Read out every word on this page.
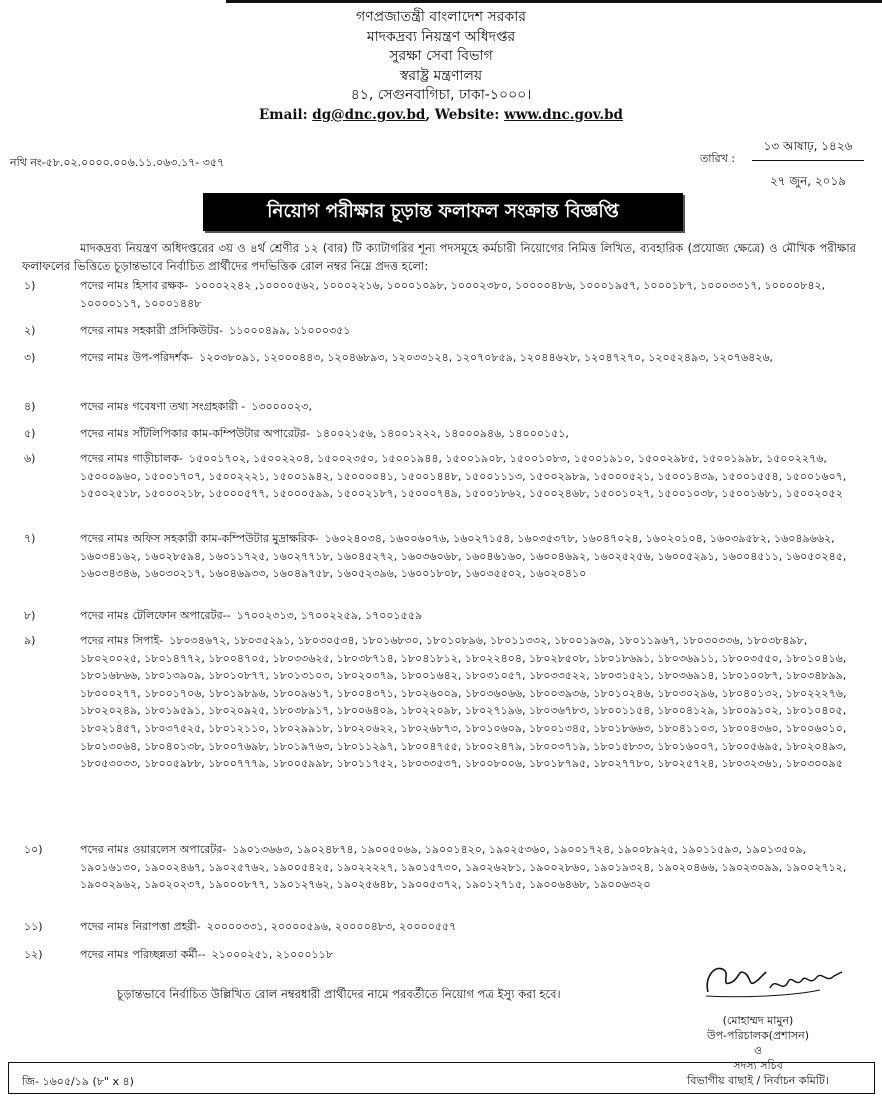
গণপ্রজাতন্ত্রী বাংলাদেশ সরকার
মাদকদ্রব্য নিয়ন্ত্রণ অধিদপ্তর
সুরক্ষা সেবা বিভাগ
স্বরাষ্ট্র মন্ত্রণালয়
৪১, সেগুনবাগিচা, ঢাকা-১০০০।
Email: dg@dnc.gov.bd, Website: www.dnc.gov.bd
নথি নং-৫৮.০২.০০০০.০০৬.১১.০৬৩.১৭- ৩৫৭	তারিখ :
১৩ আষাঢ়, ১৪২৬
২৭ জুন, ২০১৯
নিয়োগ পরীক্ষার চূড়ান্ত ফলাফল সংক্রান্ত বিজ্ঞপ্তি
মাদকদ্রব্য নিয়ন্ত্রণ অধিদপ্তরের ৩য় ও ৪র্থ শ্রেণীর ১২ (বার) টি ক্যাটাগরির শূন্য পদসমূহে কর্মচারী নিয়োগের নিমিত্ত লিখিত, ব্যবহারিক (প্রযোজ্য ক্ষেত্রে) ও মৌখিক পরীক্ষার ফলাফলের ভিত্তিতে চূড়ান্তভাবে নির্বাচিত প্রার্থীদের পদভিত্তিক রোল নম্বর নিম্নে প্রদত্ত হলো:
১)	পদের নামঃ হিসাব রক্ষক- ১০০০২২৪২ ,১০০০০৫৬২, ১০০০২২১৬, ১০০০১০৯৮, ১০০০২৩৮০, ১০০০০৪৮৬, ১০০০১৯৫৭, ১০০০১৮৭, ১০০০৩৩১৭, ১০০০০৮৪২, ১০০০০১১৭, ১০০০১৪৪৮
২)	পদের নামঃ সহকারী প্রসিকিউটর- ১১০০০৪৯৯, ১১০০০৩৫১
৩)	পদের নামঃ উপ-পরিদর্শক- ১২০৩৮০৯১, ১২০০০৪৪৩, ১২০৪৬৮৯৩, ১২০৩৩১২৪, ১২০৭০৮৫৯, ১২০৪৪৬২৮, ১২০৪৭২৭০, ১২০৫২৪৯৩, ১২০৭৬৪২৬,
৪)	পদের নামঃ গবেষণা তথ্য সংগ্রহকারী - ১৩০০০০২৩,
৫)	পদের নামঃ সাঁটলিপিকার কাম-কম্পিউটার অপারেটর- ১৪০০২১৫৬, ১৪০০১২২২, ১৪০০০৯৪৬, ১৪০০০১৫১,
৬)	পদের নামঃ গাড়ীচালক- ১৫০০১৭০২, ১৫০০২২০৪, ১৫০০২৩৫০, ১৫০০১৯৪৪, ১৫০০১৯০৮, ১৫০০১০৮৩, ১৫০০১৯১০, ১৫০০২৯৮৫, ১৫০০১৯৯৮, ১৫০০২২৭৬, ১৫০০০৯৬০, ১৫০০১৭০৭, ১৫০০২২২১, ১৫০০১৯৪২, ১৫০০০০৪১, ১৫০০১৪৪৮, ১৫০০১১১৩, ১৫০০২৯৮৯, ১৫০০০৫২১, ১৫০০১৪৩৯, ১৫০০১৫৫৪, ১৫০০১৬০৭, ১৫০০২৫১৮, ১৫০০০২১৮, ১৫০০০৫৭৭, ১৫০০০৫৯৯, ১৫০০২১৮৭, ১৫০০০৭৪৯, ১৫০০১৮৬২, ১৫০০২৪৬৮, ১৫০০১০২৭, ১৫০০১০৩৮, ১৫০০১৬৮১, ১৫০০২০৫২
৭)	পদের নামঃ অফিস সহকারী কাম-কম্পিউটার মুদ্রাক্ষরিক- ১৬০২৪০৩৪, ১৬০০৬০৭৬, ১৬০২৭১৫৪, ১৬০৩৫৩৭৮, ১৬০৪৭০২৪, ১৬০২০১০৪, ১৬০৩৯৫৮২, ১৬০৪৯৬৬২, ১৬০৩৪১৬২, ১৬০২৮৫৯৪, ১৬০১১৭২৫, ১৬০২৭৭১৮, ১৬০৪৫২৭২, ১৬০৩৬০৬৮, ১৬০৪৬১৬০, ১৬০০৪৬৯২, ১৬০২৫২৫৬, ১৬০০৫২৯১, ১৬০০৪৫১১, ১৬০৫০২৪৫, ১৬০৩৪৩৪৬, ১৬০৩০২১৭, ১৬০৪৬৯৩৩, ১৬০৪৯৭৫৮, ১৬০৫২৩৯৬, ১৬০০১৮০৮, ১৬০৩৫৫০২, ১৬০২০৪১০
৮)	পদের নামঃ টেলিফোন অপারেটর-- ১৭০০২৩১৩, ১৭০০২২৫৯, ১৭০০১৫৫৯
৯)	পদের নামঃ সিপাই- ১৮০৩৪৬৭২, ১৮০৩৫২৯১, ১৮০৩০৫৩৪, ১৮০১৬৮৩০, ১৮০১০৮৯৬, ১৮০১১৩৩২, ১৮০০১৯৩৯, ১৮০১১৯৬৭, ১৮০৩০৩৩৬, ১৮০৩৮৪৯৮, ১৮০২০০২৫, ১৮০১৪৭৭২, ১৮০০৪৭০৫, ১৮০৩৩৬২৫, ১৮০৩৮৭১৪, ১৮০৪১৮১২, ১৮০২২৪০৪, ১৮০২৮৫০৮, ১৮০১৮৬৯১, ১৮০৩৬৯১১, ১৮০০৩৫৫০, ১৮০১০৪১৬, ১৮০১৬৮৬৬, ১৮০১৩৯০৯, ১৮০১০৮৭৭, ১৮০১৩১০৩, ১৮০২০৩৭৯, ১৮০০১৬৪২, ১৮০৩১০৫৭, ১৮০৩৩৫২২, ১৮০৩১৫২১, ১৮০৩৬৯১৪, ১৮০১০০৮৭, ১৮০৩৪৮৯৯, ১৮০০০২৭৭, ১৮০০১৭০৬, ১৮০১৯৮৯৬, ১৮০০৯৬১৭, ১৮০০৪৩৭১, ১৮০২৬০০৯, ১৮০৩৬০৬৬, ১৮০০৩৯৩৬, ১৮০১০২৪৬, ১৮০৩০২৯৬, ১৮০৪০১৩২, ১৮০২২২৭৬, ১৮০২০২৪৯, ১৮০১৯৫৯১, ১৮০২০৯২৫, ১৮০৩৮৯১৭, ১৮০০৬৪০৯, ১৮০২২০৯৮, ১৮০২৭১৯৬, ১৮০৩৬৭৮৩, ১৮০০১১৫৪, ১৮০০৪১২৯, ১৮০০৯১০২, ১৮০১০৪০৫, ১৮০২১৪৫৭, ১৮০৩৭৫২৫, ১৮০১২১১০, ১৮০২৯৯১৮, ১৮০২০৬২২, ১৮০২৬৮৭৩, ১৮০১০৬০৯, ১৮০০১৩৪৫, ১৮০১৮৬৬৩, ১৮০৪১১০৩, ১৮০০৪৩৬০, ১৮০০৬০১০, ১৮০১৩০৬৪, ১৮০৪০১৩৮, ১৮০০৭৬৯৮, ১৮০১৯৭৬৩, ১৮০১১২৯৭, ১৮০০৪৭৫৫, ১৮০০২৪৭৯, ১৮০০৩৭১৯, ১৮০১৫৮৩৩, ১৮০১৬০০৭, ১৮০০৫৬৯৫, ১৮০২০৪৯৩, ১৮০৫৩০৩৩, ১৮০০৫৯৮৮, ১৮০০৭৭৭৯, ১৮০০৫৯৯৮, ১৮০১১৭৫২, ১৮০৩৩৫৩৭, ১৮০০৮০০৬, ১৮০১৮৭৯৫, ১৮০২৭৭৮০, ১৮০২৫৭২৪, ১৮০৩২৩৬১, ১৮০৩০০৯৫
১০)	পদের নামঃ ওয়ারলেস অপারেটর- ১৯০১৩৬৬৩, ১৯০২৪৮৭৪, ১৯০০৫০৬৯, ১৯০০১৪২০, ১৯০২৫৩৬০, ১৯০০১৭২৪, ১৯০০৮৯২৫, ১৯০১১৫৯৩, ১৯০১৩৫০৯, ১৯০১৬১৩০, ১৯০০২৪৬৭, ১৯০২৫৭৬২, ১৯০০৫৪২৫, ১৯০২২২২৭, ১৯০১৫৭৩০, ১৯০২৬২৮১, ১৯০০২৮৬০, ১৯০১৯৩২৪, ১৯০২০৪৬৬, ১৯০২৩০৯৯, ১৯০০২৭১২, ১৯০০২৯৬২, ১৯০২০২৩৭, ১৯০০০৮৭৭, ১৯০১২৭৬২, ১৯০২৫৬৪৮, ১৯০০৫৩৭২, ১৯০১২৭১৫, ১৯০০৬৪৬৮, ১৯০০৬৩২০
১১)	পদের নামঃ নিরাপত্তা প্রহরী- ২০০০০৩৩১, ২০০০০৫৯৬, ২০০০০৪৮৩, ২০০০০৫৫৭
১২)	পদের নামঃ পরিচ্ছন্নতা কর্মী-- ২১০০০২৫১, ২১০০০১১৮
চূড়ান্তভাবে নির্বাচিত উল্লিখিত রোল নম্বরধারী প্রার্থীদের নামে পরবর্তীতে নিয়োগ পত্র ইস্যু করা হবে।
(মোহাম্মদ মামুন)
উপ-পরিচালক(প্রশাসন)
ও
সদস্য সচিব
জি- ১৬০৫/১৯ (৮" x ৪)	বিভাগীয় বাছাই / নির্বাচন কমিটি।
